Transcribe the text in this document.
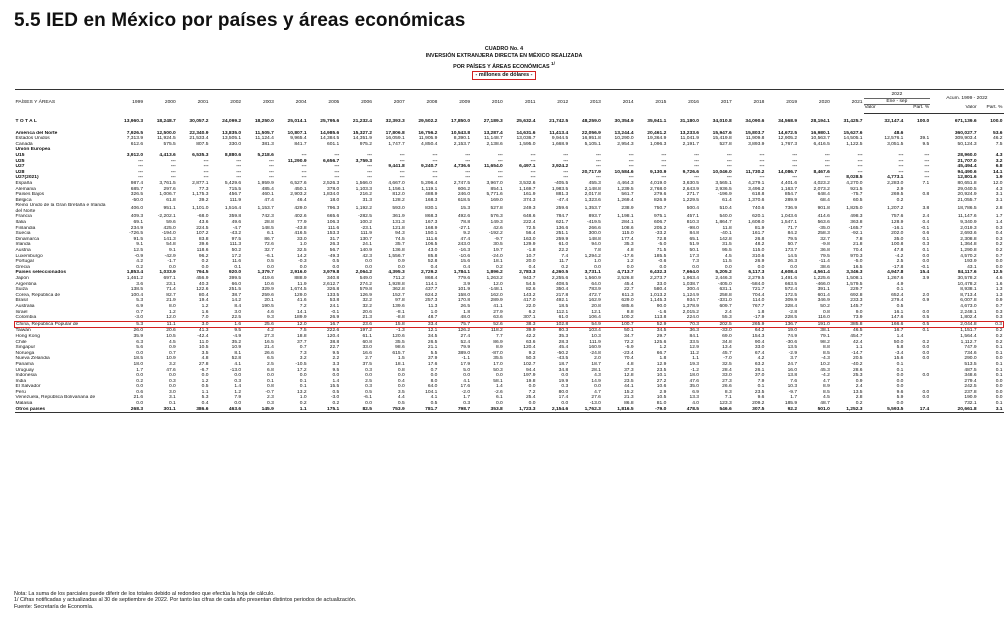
5.5 IED en México por países y áreas económicas
CUADRO No. 4
INVERSIÓN EXTRANJERA DIRECTA EN MÉXICO REALIZADA
POR PAÍSES Y ÁREAS ECONÓMICAS $^{1/}$
- millones de dólares -
PAÍSES Y ÁREAS	1999	2000	2001	2002	2003	2004	2005	2006	2007	2008	2009	2010	2011	2012	2013	2014	2015	2016	2017	2018	2019	2020	2021	2022		Acum. 1999 - 2022	
																								Ene - sep			
																								Valor	Part. %	Valor	Part. %

T O T A L	13,960.3	18,248.7	30,057.2	24,099.2	18,250.0	25,014.1	25,795.6	21,232.4	32,393.3	29,502.2	17,850.0	27,189.3	25,632.4	21,742.5	48,259.0	30,354.9	35,941.1	31,180.0	34,010.8	34,090.6	34,568.9	28,194.1	31,425.7	32,147.4	100.0	671,139.6	100.0

América del Norte	7,926.5	12,500.0	22,340.9	13,835.0	11,505.7	10,807.1	14,985.6	15,327.2	17,806.8	16,756.2	10,543.8	13,287.4	14,631.6	11,413.4	22,056.9	13,244.4	20,461.2	13,233.6	15,947.6	15,803.7	14,672.5	16,980.1	15,627.6	48.6		360,027.7	53.6
Estados Unidos	7,313.9	11,924.5	21,533.4	13,505.1	11,124.4	9,965.4	14,384.5	14,351.9	16,059.1	11,905.9	8,390.1	11,148.7	13,036.7	9,944.5	16,951.8	10,290.0	19,364.9	11,041.9	15,419.8	11,909.8	12,905.2	10,563.7	14,505.1	12,576.1	39.1	309,903.4	46.2
Canadá	612.6	575.5	807.5	330.0	381.3	841.7	601.1	975.2	1,747.7	4,850.4	2,153.7	2,138.6	1,595.0	1,668.9	5,105.1	2,954.3	1,096.3	2,191.7	527.8	3,893.9	1,767.3	6,416.5	1,122.5	3,051.5	9.5	50,124.3	7.5
Unión Europea																											
U15	3,912.0	4,413.6	6,535.3	8,880.6	5,218.6	---	---	---	---	---	---	---	---	---	---	---	---	---	---	---	---	---	---	---	---	28,960.0	4.3
U25	---	---	---	---	---	11,290.9	6,656.7	3,759.3	---	---	---	---	---	---	---	---	---	---	---	---	---	---	---	---	---	21,707.0	3.2
U27	---	---	---	---	---	---	---	---	9,441.8	9,240.7	4,736.6	11,654.0	6,497.1	3,924.2	---	---	---	---	---	---	---	---	---	---	---	45,494.4	6.8
U28	---	---	---	---	---	---	---	---	---	---	---	---	---	---	20,717.9	10,584.6	9,130.9	9,726.6	10,046.0	11,730.2	14,086.7	8,467.6	---	---	---	94,490.6	14.1
U27(2021)	---	---	---	---	---	---	---	---	---	---	---	---	---	---	---	---	---	---	---	---	---	---	8,028.5	4,773.1	---	12,801.6	1.9
España	987.4	3,761.5	2,877.1	5,429.6	1,959.9	6,527.6	2,526.3	1,566.0	4,667.0	5,296.4	2,747.5	3,967.0	3,532.6	-405.5	455.3	4,464.3	4,019.0	3,630.5	3,565.1	4,279.1	4,401.6	4,023.2	4,270.0	2,283.0	7.1	80,651.8	12.0
Alemania	685.7	297.6	77.3	715.5	485.4	450.1	378.0	1,103.3	1,156.1	1,119.1	606.2	854.1	1,169.7	1,983.5	2,148.8	1,239.5	2,768.0	2,643.9	2,936.5	3,496.2	1,163.7	2,073.2	921.5	2.9		29,040.5	4.3
Países Bajos	326.5	1,006.7	1,175.3	456.7	460.1	2,903.2	1,834.0	216.2	812.0	488.9	246.0	5,771.6	161.9	881.3	2,017.8	561.7	279.6	271.7	-196.9	618.8	854.7	648.4	-75.7	269.5	0.8	20,924.9	3.1
Bélgica	-50.0	61.8	39.2	111.9	47.4	46.4	18.0	31.3	128.2	168.3	618.5	169.0	374.3	-47.4	1,323.6	1,269.4	826.9	1,229.5	61.4	1,370.6	289.9	68.4	60.5	0.2		21,055.7	3.1
Reino Unido de la Gran Bretaña e Irlanda del Norte	406.0	951.1	1,101.0	1,516.4	1,153.7	429.0	796.3	1,192.2	593.0	830.1	15.3	527.8	249.3	259.6	1,353.7	238.9	750.7	500.4	510.4	740.6	736.9	901.8	1,825.0	1,207.2	3.8	18,786.5	2.8
Francia	409.3	-2,202.1	-68.0	359.8	742.3	402.6	665.6	-282.5	361.9	868.3	492.6	576.3	648.6	784.7	893.7	1,198.1	975.1	457.1	540.0	620.1	1,043.6	414.6	498.3	757.6	2.4	11,147.6	1.7
Italia	69.1	59.6	43.6	49.6	28.8	77.9	106.3	100.2	131.3	167.3	78.8	149.3	222.4	621.7	-419.5	284.1	606.7	810.3	1,864.7	1,608.0	1,547.1	563.6	363.8	128.9	0.4	9,340.9	1.4
Finlandia	234.9	425.0	224.5	-4.7	148.5	-43.8	111.6	-23.1	121.8	168.9	-27.1	42.6	72.5	136.6	266.6	108.6	205.2	-98.0	11.8	81.9	71.7	-35.0	-165.7	-16.1	-0.1	2,019.3	0.3
Suecia	-726.5	-194.0	107.2	-43.2	6.1	416.5	153.3	111.9	94.3	150.1	9.2	-192.2	56.4	251.1	300.0	115.0	-33.2	84.8	-40.1	161.7	84.2	258.3	-92.1	202.0	0.6	2,693.6	0.4
Dinamarca	91.5	141.3	83.8	97.5	86.7	33.0	31.7	130.7	74.5	111.6	47.4	-9.7	163.0	259.9	148.8	177.4	72.8	65.1	142.8	26.8	79.5	32.7	7.8	35.0	0.1	2,308.8	0.3
Irlanda	9.1	54.8	39.6	111.3	72.6	1.0	26.3	24.1	35.7	106.5	243.0	30.5	129.9	61.0	94.0	35.3	-5.0	51.9	31.5	48.2	50.7	-9.8	21.8	100.8	0.3	1,364.8	0.2
Austria	12.5	9.1	118.6	50.2	32.7	32.5	56.7	140.9	136.8	43.0	-16.3	19.7	-1.8	22.2	7.8	4.8	71.5	50.1	95.5	115.0	173.7	36.8	70.4	47.8	0.1	1,290.8	0.2
Luxemburgo	-0.9	-42.9	96.2	17.2	-6.1	14.2	-49.3	42.3	1,556.7	85.8	-10.6	-24.0	10.7	7.4	1,294.2	-17.6	185.5	17.3	4.5	310.6	14.5	79.5	970.3	-4.2	0.0	4,570.2	0.7
Portugal	4.2	-1.7	0.2	11.6	0.5	-0.3	0.5	0.0	0.9	52.8	15.6	18.1	20.0	11.7	1.0	1.2	-0.6	7.3	11.5	26.9	26.3	-11.4	-5.0	2.5	0.0	193.9	0.0
Grecia	0.2	0.0	0.0	0.1	0.0	0.0	0.0	0.0	0.0	0.4	0.4	0.2	0.4	0.2	0.0	0.0	0.0	0.0	0.0	0.0	0.0	38.6	16.5	-17.8	-0.1	43.1	0.0
Países seleccionados	1,853.4	1,033.9	794.5	920.0	1,379.7	2,916.0	3,979.8	2,064.2	4,395.3	2,729.2	1,784.1	1,896.2	2,783.3	4,260.5	3,731.1	4,713.7	6,432.3	7,664.0	5,205.2	6,117.3	4,608.4	4,561.4	3,346.3	4,947.8	15.4	84,117.6	12.5
Japón	1,461.2	697.1	456.9	399.5	419.6	888.9	340.8	549.0	711.2	868.4	779.6	1,263.2	943.7	2,255.6	1,560.9	2,526.8	2,273.7	1,963.4	2,446.3	2,279.5	1,491.6	1,225.6	1,508.1	1,267.6	3.9	30,578.2	4.6
Argentina	3.6	23.1	40.3	66.0	10.6	11.9	2,612.7	274.2	1,928.8	114.1	3.9	12.0	54.5	408.5	64.0	45.4	33.0	1,038.7	-405.0	-584.0	663.5	-466.0	1,579.5	4.9		10,478.2	1.6
Suiza	138.5	71.4	122.6	251.5	329.9	1,674.5	326.8	579.8	362.8	437.7	101.9	-148.1	82.6	350.4	783.9	22.7	580.4	300.4	631.1	721.7	572.4	391.1	229.7	0.1		8,938.1	1.3
Corea, República de	100.4	82.7	80.4	38.7	259.6	129.0	133.5	126.9	152.7	624.2	158.0	162.0	143.2	217.8	472.7	611.3	1,013.2	1,124.9	258.8	704.4	172.5	601.4	692.8	652.4	2.0	8,713.4	1.3
Brasil	5.3	21.9	19.4	14.2	20.1	41.6	53.8	32.2	97.8	257.3	170.8	289.9	417.0	492.1	162.9	629.0	1,145.3	934.7	-331.0	114.0	309.9	346.9	233.3	279.4	0.9	6,007.8	0.9
Australia	6.9	8.0	1.2	8.4	190.5	7.2	24.1	32.2	139.6	11.3	26.5	41.1	22.0	18.5	20.8	685.6	90.0	1,378.9	609.7	767.7	328.4	50.2	145.7	0.5		4,673.0	0.7
Israel	0.7	1.2	1.6	3.0	4.6	14.1	-0.1	20.6	-8.1	1.0	1.8	27.9	6.2	112.1	12.1	8.8	-1.6	2,015.2	2.4	1.8	-2.8	0.8	9.0	16.1	0.0	2,248.1	0.3
Colombia	-3.0	12.0	7.0	22.5	9.3	189.9	26.9	21.3	-8.8	48.7	48.0	63.6	307.1	61.0	106.4	100.2	113.8	224.0	55.3	-17.9	228.5	116.0	73.9	147.6	0.5	1,802.4	0.3
China, República Popular de	5.3	11.1	3.0	1.6	25.6	12.0	16.7	23.6	15.8	33.4	75.7	52.6	38.3	102.8	54.9	100.7	52.9	70.3	202.5	265.9	136.7	191.0	385.8	166.6	0.5	2,044.8	0.3
Taiwán	26.0	20.6	41.3	9.5	4.2	7.5	222.6	197.2	-1.3	12.1	126.2	118.2	39.9	80.3	103.4	50.1	34.5	36.3	-33.0	64.2	19.0	38.1	46.5	16.7	0.1	1,151.7	0.2
Hong Kong	35.9	10.5	-42.4	-4.9	27.3	18.8	120.4	61.1	120.6	34.5	27.4	7.7	42.2	35.3	10.3	34.7	29.7	84.1	69.0	154.3	74.9	79.1	454.7	1.4		1,564.4	0.2
Chile	6.3	4.5	11.0	35.2	16.5	37.7	38.8	60.8	35.5	26.5	52.4	86.9	63.6	28.3	111.9	72.2	125.6	33.5	34.8	90.4	-30.6	98.2	42.4	50.0	0.2	1,112.7	0.2
Singapur	5.6	0.9	10.5	10.9	21.4	0.7	22.7	33.0	98.6	21.1	79.9	8.9	120.4	45.4	160.9	-5.9	1.2	12.9	13.4	33.0	13.5	8.8	1.1	5.8	0.0	747.9	0.1
Noruega	0.0	0.7	3.5	8.1	26.6	7.3	9.5	16.6	615.7	5.5	389.0	-87.0	9.2	-50.2	-24.8	-23.4	66.7	11.2	45.7	67.4	-2.9	8.5	-14.7	-3.4	0.0	734.6	0.1
Nueva Zelandia	18.5	10.9	4.8	52.8	6.5	3.2	2.2	2.7	1.5	37.9	-1.1	35.5	50.3	-43.5	2.0	70.4	1.8	1.1	-7.0	4.2	3.7	-4.3	20.5	15.6	0.0	290.0	0.0
Panamá	18.0	3.2	27.8	4.1	2.5	-10.5	3.3	37.5	18.1	17.6	17.9	17.0	102.7	18.7	18.7	4.8	12.9	19.3	32.5	63.2	24.7	10.2	-40.2	0.1		513.5	0.1
Uruguay	1.7	47.6	-6.7	-13.0	6.8	17.2	9.5	0.3	0.8	0.7	5.0	50.3	94.4	34.8	28.1	37.3	23.5	-1.2	28.4	26.1	16.0	45.3	28.6	0.1		487.5	0.1
Indonesia	0.0	0.0	0.0	0.0	0.0	0.0	0.0	0.0	0.0	0.0	0.0	0.0	197.9	0.0	4.3	12.8	10.1	18.0	33.0	37.0	13.8	-4.2	25.3	0.0	0.0	348.6	0.1
India	0.2	0.3	1.2	0.3	0.1	0.1	1.4	2.5	0.4	8.0	4.1	58.1	19.8	19.9	14.9	23.5	27.2	47.6	27.3	7.9	7.6	4.7	0.9	0.0		279.4	0.0
El Salvador	0.0	0.0	0.5	1.4	0.8	0.1	15.5	0.3	0.0	64.0	17.6	1.4	0.0	0.3	0.0	44.1	10.6	35.0	26.6	0.1	10.3	8.9	2.4	0.0		242.5	0.0
Perú	0.6	3.0	1.1	1.2	-0.7	13.2	0.5	0.5	3.5	104.1	-2.0	-2.6	7.2	80.0	4.7	15.2	2.9	6.9	8.3	23.5	-9.7	8.5	13.5	9.6	0.0	237.8	0.0
Venezuela, República Bolivariana de	21.6	3.1	5.3	7.9	2.3	1.0	-3.0	-6.1	4.4	4.1	1.7	6.1	25.4	17.4	27.6	21.3	10.5	13.3	7.1	9.6	1.7	4.5	2.8	5.9	0.0	190.9	0.0
Malasia	0.0	0.1	0.4	0.0	0.3	0.2	0.2	0.0	0.5	0.5	0.3	0.0	0.0	0.0	-13.0	86.8	81.0	4.0	123.3	209.2	185.9	48.7	0.2	0.0		732.1	0.1
Otros países	268.3	301.1	386.6	463.6	145.9	1.1	175.1	82.5	753.9	781.7	798.7	353.8	1,723.3	2,154.6	1,762.3	1,816.5	-79.0	478.5	546.6	307.5	92.2	501.0	1,252.3	5,593.5	17.4	20,661.8	3.1
Nota: La suma de los parciales puede diferir de los totales debido al redondeo que efectúa la hoja de cálculo.
1/ Cifras notificadas y actualizadas al 30 de septiembre de 2022. Por tanto las cifras de cada año presentan distintos periodos de actualización.
Fuente: Secretaría de Economía.
